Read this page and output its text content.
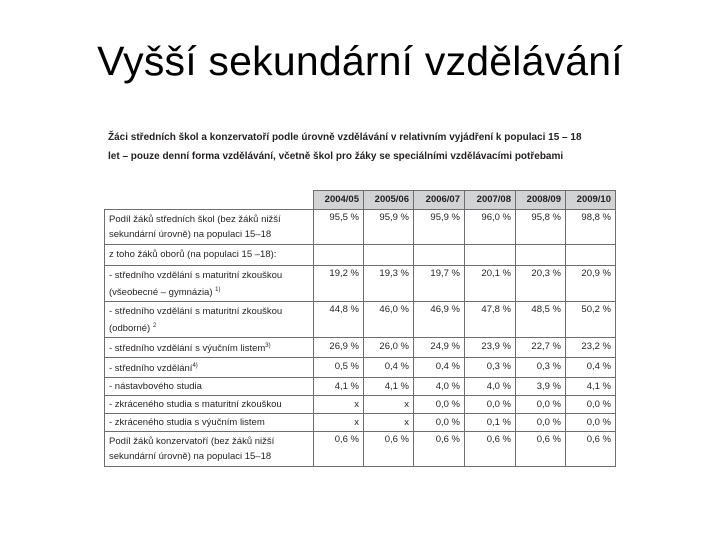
Vyšší sekundární vzdělávání
Žáci středních škol a konzervatoří podle úrovně vzdělávání v relativním vyjádření k populaci 15 – 18
let – pouze denní forma vzdělávání, včetně škol pro žáky se speciálními vzdělávacími potřebami
	2004/05	2005/06	2006/07	2007/08	2008/09	2009/10
Podíl žáků středních škol (bez žáků nižší sekundární úrovně) na populaci 15–18	95,5 %	95,9 %	95,9 %	96,0 %	95,8 %	98,8 %
z toho žáků oborů (na populaci 15 –18):						
- středního vzdělání s maturitní zkouškou (všeobecné – gymnázia) $^{1)}$	19,2 %	19,3 %	19,7 %	20,1 %	20,3 %	20,9 %
- středního vzdělání s maturitní zkouškou (odborné) $^2$	44,8 %	46,0 %	46,9 %	47,8 %	48,5 %	50,2 %
- středního vzdělání s výučním listem$^{3)}$	26,9 %	26,0 %	24,9 %	23,9 %	22,7 %	23,2 %
- středního vzdělání$^{4)}$	0,5 %	0,4 %	0,4 %	0,3 %	0,3 %	0,4 %
- nástavbového studia	4,1 %	4,1 %	4,0 %	4,0 %	3,9 %	4,1 %
- zkráceného studia s maturitní zkouškou	x	x	0,0 %	0,0 %	0,0 %	0,0 %
- zkráceného studia s výučním listem	x	x	0,0 %	0,1 %	0,0 %	0,0 %
Podíl žáků konzervatoří (bez žáků nižší sekundární úrovně) na populaci 15–18	0,6 %	0,6 %	0,6 %	0,6 %	0,6 %	0,6 %
